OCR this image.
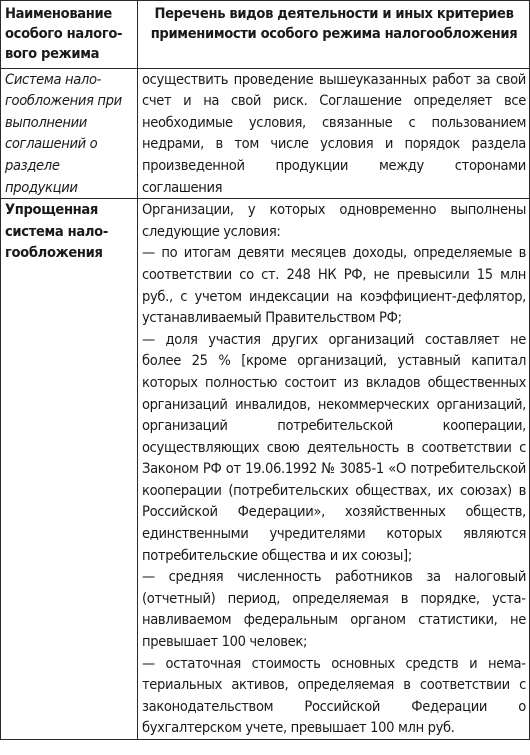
Наименование особого налогового режима	Перечень видов деятельности и иных критериев применимости особого режима налогообложения
Система налогообложения при выполнении соглашений о разделе продукции	осуществить проведение вышеуказанных работ за свой счет и на свой риск. Соглашение определяет все необходимые условия, связанные с пользованием недрами, в том числе условия и порядок раздела произведенной продукции между сторонами соглашения

Упрощенная система налогообложения	Организации, у которых одновременно выполнены следующие условия:

— по итогам девяти месяцев доходы, определяемые в соответствии со ст. 248 НК РФ, не превысили 15 млн руб., с учетом индексации на коэффициент-дефлятор, устанавливаемый Правительством РФ;

— доля участия других организаций составляет не более 25 % [кроме организаций, уставный капитал которых полностью состоит из вкладов общественных организаций инвалидов, некоммерческих организаций, организаций потребительской кооперации, осуществляющих свою деятельность в соответствии с Законом РФ от 19.06.1992 № 3085-1 «О потребительской кооперации (потребительских обществах, их союзах) в Российской Федерации», хозяйственных обществ, единственными учредителями которых являются потребительские общества и их союзы];

— средняя численность работников за налоговый (отчетный) период, определяемая в порядке, устанавливаемом федеральным органом статистики, не превышает 100 человек;

— остаточная стоимость основных средств и нематериальных активов, определяемая в соответствии с законодательством Российской Федерации о бухгалтерском учете, превышает 100 млн руб.
